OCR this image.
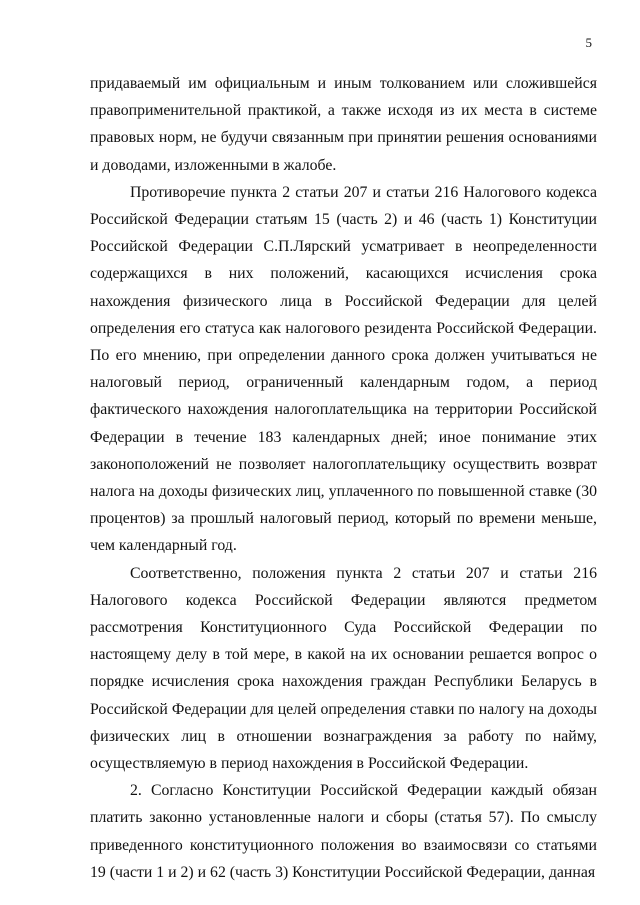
5

придаваемый им официальным и иным толкованием или сложившейся правоприменительной практикой, а также исходя из их места в системе правовых норм, не будучи связанным при принятии решения основаниями и доводами, изложенными в жалобе.

Противоречие пункта 2 статьи 207 и статьи 216 Налогового кодекса Российской Федерации статьям 15 (часть 2) и 46 (часть 1) Конституции Российской Федерации С.П.Лярский усматривает в неопределенности содержащихся в них положений, касающихся исчисления срока нахождения физического лица в Российской Федерации для целей определения его статуса как налогового резидента Российской Федерации. По его мнению, при определении данного срока должен учитываться не налоговый период, ограниченный календарным годом, а период фактического нахождения налогоплательщика на территории Российской Федерации в течение 183 календарных дней; иное понимание этих законоположений не позволяет налогоплательщику осуществить возврат налога на доходы физических лиц, уплаченного по повышенной ставке (30 процентов) за прошлый налоговый период, который по времени меньше, чем календарный год.

Соответственно, положения пункта 2 статьи 207 и статьи 216 Налогового кодекса Российской Федерации являются предметом рассмотрения Конституционного Суда Российской Федерации по настоящему делу в той мере, в какой на их основании решается вопрос о порядке исчисления срока нахождения граждан Республики Беларусь в Российской Федерации для целей определения ставки по налогу на доходы физических лиц в отношении вознаграждения за работу по найму, осуществляемую в период нахождения в Российской Федерации.

2. Согласно Конституции Российской Федерации каждый обязан платить законно установленные налоги и сборы (статья 57). По смыслу приведенного конституционного положения во взаимосвязи со статьями 19 (части 1 и 2) и 62 (часть 3) Конституции Российской Федерации, данная
